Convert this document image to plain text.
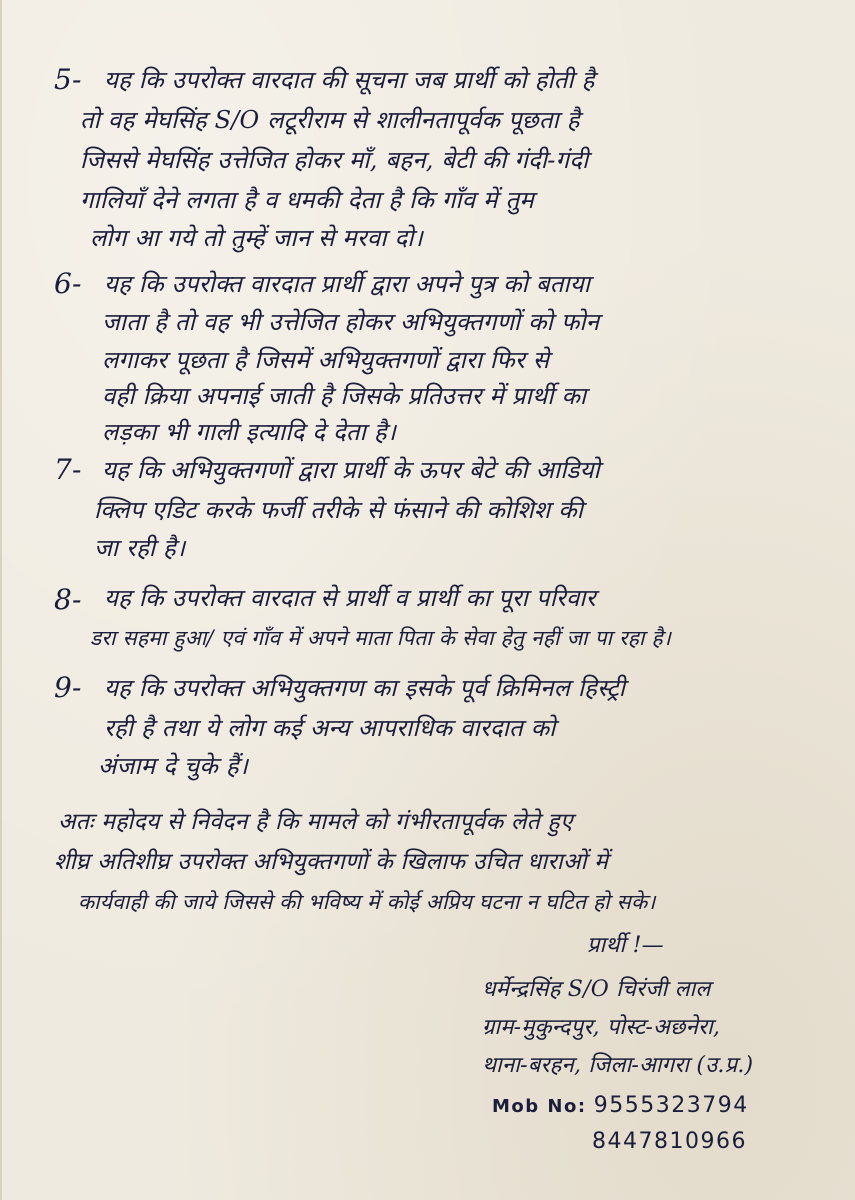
5- यह कि उपरोक्त वारदात की सूचना जब प्रार्थी को होती है
तो वह मेघसिंह S/O लटूरीराम से शालीनतापूर्वक पूछता है
जिससे मेघसिंह उत्तेजित होकर माँ, बहन, बेटी की गंदी-गंदी
गालियाँ देने लगता है व धमकी देता है कि गाँव में तुम
लोग आ गये तो तुम्हें जान से मरवा दो।
6- यह कि उपरोक्त वारदात प्रार्थी द्वारा अपने पुत्र को बताया
जाता है तो वह भी उत्तेजित होकर अभियुक्तगणों को फोन
लगाकर पूछता है जिसमें अभियुक्तगणों द्वारा फिर से
वही क्रिया अपनाई जाती है जिसके प्रतिउत्तर में प्रार्थी का
लड़का भी गाली इत्यादि दे देता है।
7- यह कि अभियुक्तगणों द्वारा प्रार्थी के ऊपर बेटे की आडियो
क्लिप एडिट करके फर्जी तरीके से फंसाने की कोशिश की
जा रही है।
8- यह कि उपरोक्त वारदात से प्रार्थी व प्रार्थी का पूरा परिवार
डरा सहमा हुआ/ एवं गाँव में अपने माता पिता के सेवा हेतु नहीं जा पा रहा है।
9- यह कि उपरोक्त अभियुक्तगण का इसके पूर्व क्रिमिनल हिस्ट्री
रही है तथा ये लोग कई अन्य आपराधिक वारदात को
अंजाम दे चुके हैं।
अतः महोदय से निवेदन है कि मामले को गंभीरतापूर्वक लेते हुए
शीघ्र अतिशीघ्र उपरोक्त अभियुक्तगणों के खिलाफ उचित धाराओं में
कार्यवाही की जाये जिससे की भविष्य में कोई अप्रिय घटना न घटित हो सके।
प्रार्थी !—
धर्मेन्द्रसिंह S/O चिरंजी लाल
ग्राम-मुकुन्दपुर, पोस्ट-अछनेरा,
थाना-बरहन, जिला-आगरा (उ.प्र.)
Mob No: 9555323794
8447810966
